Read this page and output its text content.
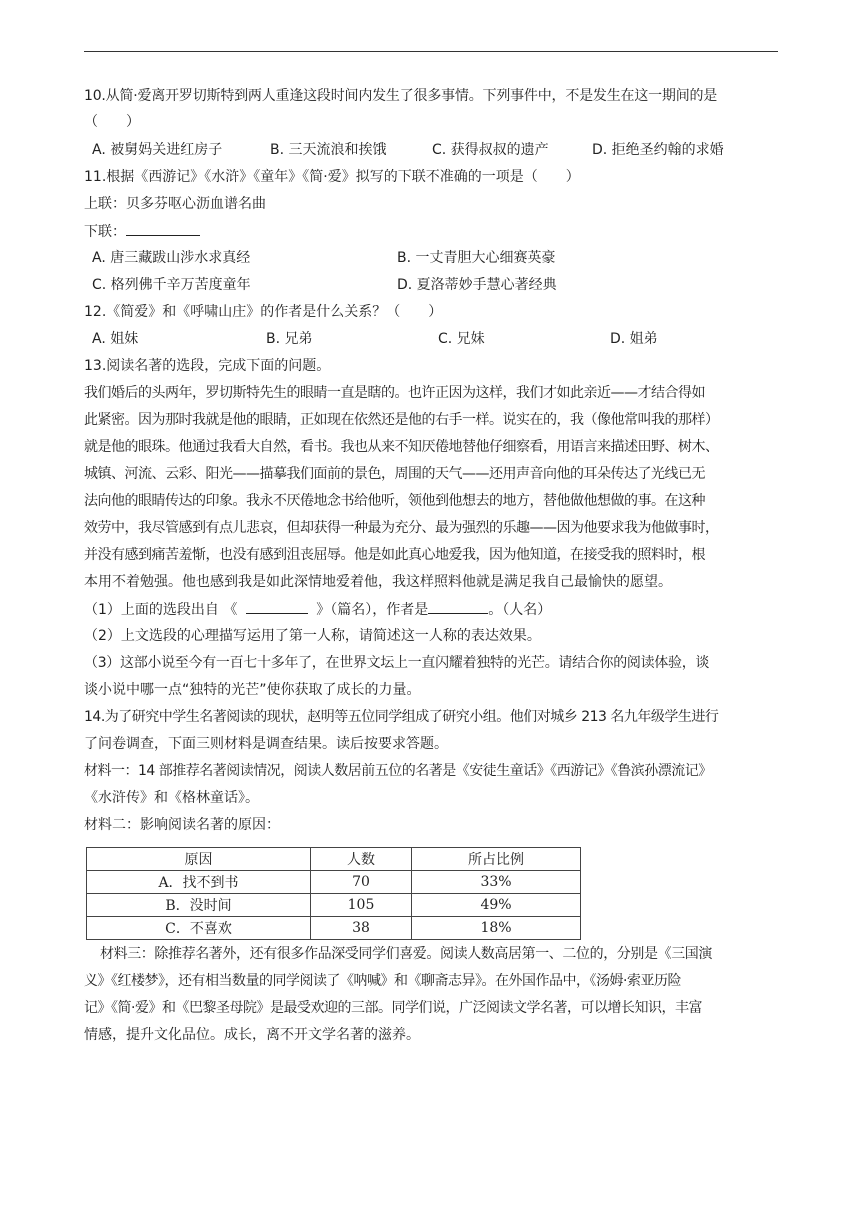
10.从简·爱离开罗切斯特到两人重逢这段时间内发生了很多事情。下列事件中，不是发生在这一期间的是
（　　）
A. 被舅妈关进红房子	B. 三天流浪和挨饿	C. 获得叔叔的遗产	D. 拒绝圣约翰的求婚
11.根据《西游记》《水浒》《童年》《简·爱》拟写的下联不准确的一项是（　　）
上联：贝多芬呕心沥血谱名曲
下联：
A. 唐三藏跋山涉水求真经	B. 一丈青胆大心细赛英豪
C. 格列佛千辛万苦度童年	D. 夏洛蒂妙手慧心著经典
12.《简爱》和《呼啸山庄》的作者是什么关系？（　　）
A. 姐妹	B. 兄弟	C. 兄妹	D. 姐弟
13.阅读名著的选段，完成下面的问题。
我们婚后的头两年，罗切斯特先生的眼睛一直是瞎的。也许正因为这样，我们才如此亲近——才结合得如
此紧密。因为那时我就是他的眼睛，正如现在依然还是他的右手一样。说实在的，我（像他常叫我的那样）
就是他的眼珠。他通过我看大自然，看书。我也从来不知厌倦地替他仔细察看，用语言来描述田野、树木、
城镇、河流、云彩、阳光——描摹我们面前的景色，周围的天气——还用声音向他的耳朵传达了光线已无
法向他的眼睛传达的印象。我永不厌倦地念书给他听，领他到他想去的地方，替他做他想做的事。在这种
效劳中，我尽管感到有点儿悲哀，但却获得一种最为充分、最为强烈的乐趣——因为他要求我为他做事时，
并没有感到痛苦羞惭，也没有感到沮丧屈辱。他是如此真心地爱我，因为他知道，在接受我的照料时，根
本用不着勉强。他也感到我是如此深情地爱着他，我这样照料他就是满足我自己最愉快的愿望。
（1）上面的选段出自 《	》（篇名），作者是	。（人名）
（2）上文选段的心理描写运用了第一人称，请简述这一人称的表达效果。
（3）这部小说至今有一百七十多年了，在世界文坛上一直闪耀着独特的光芒。请结合你的阅读体验，谈
谈小说中哪一点“独特的光芒”使你获取了成长的力量。
14.为了研究中学生名著阅读的现状，赵明等五位同学组成了研究小组。他们对城乡 213 名九年级学生进行
了问卷调查，下面三则材料是调查结果。读后按要求答题。
材料一：14 部推荐名著阅读情况，阅读人数居前五位的名著是《安徒生童话》《西游记》《鲁滨孙漂流记》
《水浒传》和《格林童话》。
材料二：影响阅读名著的原因：
原因	人数	所占比例
A．找不到书	70	33%
B．没时间	105	49%
C．不喜欢	38	18%
材料三：除推荐名著外，还有很多作品深受同学们喜爱。阅读人数高居第一、二位的，分别是《三国演
义》《红楼梦》，还有相当数量的同学阅读了《呐喊》和《聊斋志异》。在外国作品中，《汤姆·索亚历险
记》《简·爱》和《巴黎圣母院》是最受欢迎的三部。同学们说，广泛阅读文学名著，可以增长知识，丰富
情感，提升文化品位。成长，离不开文学名著的滋养。
